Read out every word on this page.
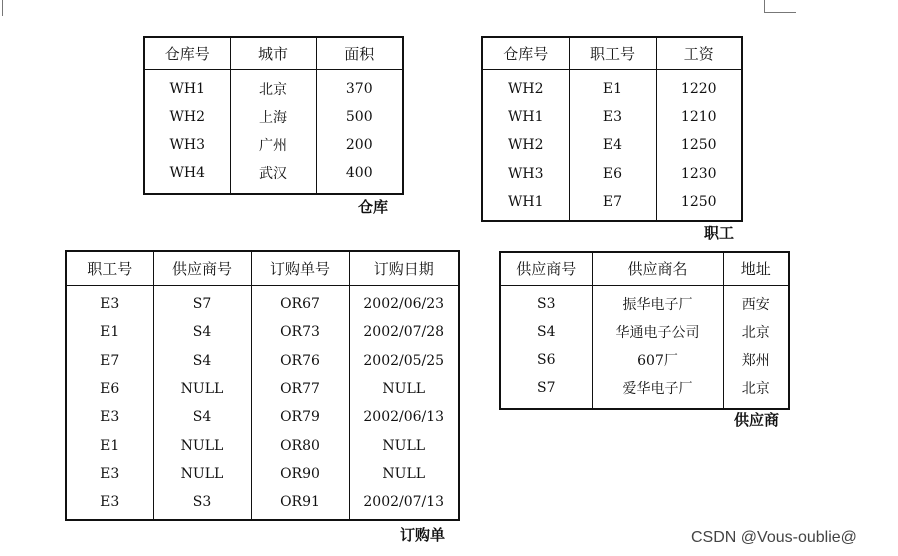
仓库号	城市	面积
WH1	北京	370
WH2	上海	500
WH3	广州	200
WH4	武汉	400
仓库
仓库号	职工号	工资
WH2	E1	1220
WH1	E3	1210
WH2	E4	1250
WH3	E6	1230
WH1	E7	1250
职工
职工号	供应商号	订购单号	订购日期
E3	S7	OR67	2002/06/23
E1	S4	OR73	2002/07/28
E7	S4	OR76	2002/05/25
E6	NULL	OR77	NULL
E3	S4	OR79	2002/06/13
E1	NULL	OR80	NULL
E3	NULL	OR90	NULL
E3	S3	OR91	2002/07/13
订购单
供应商号	供应商名	地址
S3	振华电子厂	西安
S4	华通电子公司	北京
S6	607厂	郑州
S7	爱华电子厂	北京
供应商
CSDN @Vous-oublie@
